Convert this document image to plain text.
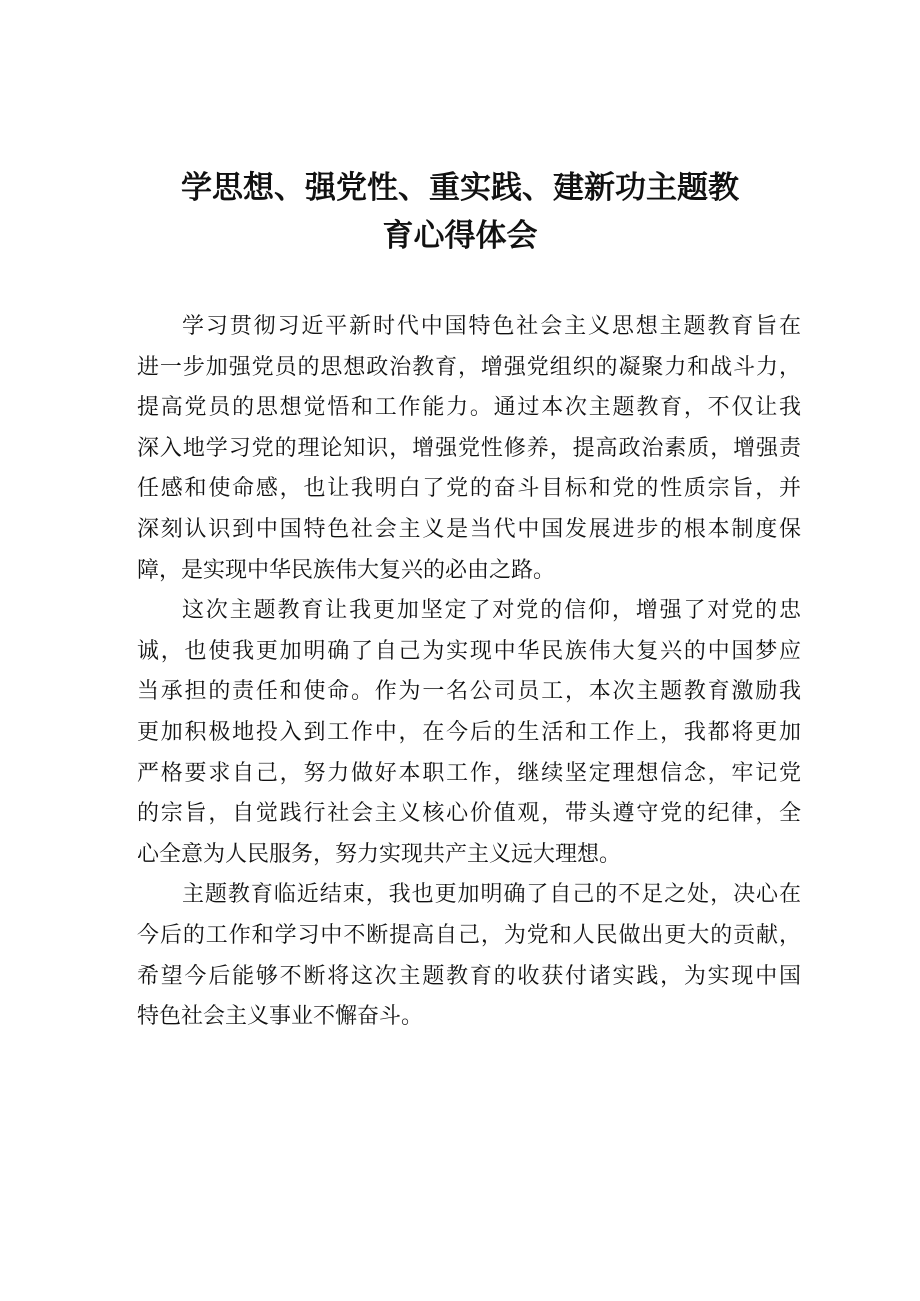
学思想、强党性、重实践、建新功主题教
育心得体会
学习贯彻习近平新时代中国特色社会主义思想主题教育旨在
进一步加强党员的思想政治教育，增强党组织的凝聚力和战斗力，
提高党员的思想觉悟和工作能力。通过本次主题教育，不仅让我
深入地学习党的理论知识，增强党性修养，提高政治素质，增强责
任感和使命感，也让我明白了党的奋斗目标和党的性质宗旨，并
深刻认识到中国特色社会主义是当代中国发展进步的根本制度保
障，是实现中华民族伟大复兴的必由之路。
这次主题教育让我更加坚定了对党的信仰，增强了对党的忠
诚，也使我更加明确了自己为实现中华民族伟大复兴的中国梦应
当承担的责任和使命。作为一名公司员工，本次主题教育激励我
更加积极地投入到工作中，在今后的生活和工作上，我都将更加
严格要求自己，努力做好本职工作，继续坚定理想信念，牢记党
的宗旨，自觉践行社会主义核心价值观，带头遵守党的纪律，全
心全意为人民服务，努力实现共产主义远大理想。
主题教育临近结束，我也更加明确了自己的不足之处，决心在
今后的工作和学习中不断提高自己，为党和人民做出更大的贡献，
希望今后能够不断将这次主题教育的收获付诸实践，为实现中国
特色社会主义事业不懈奋斗。
